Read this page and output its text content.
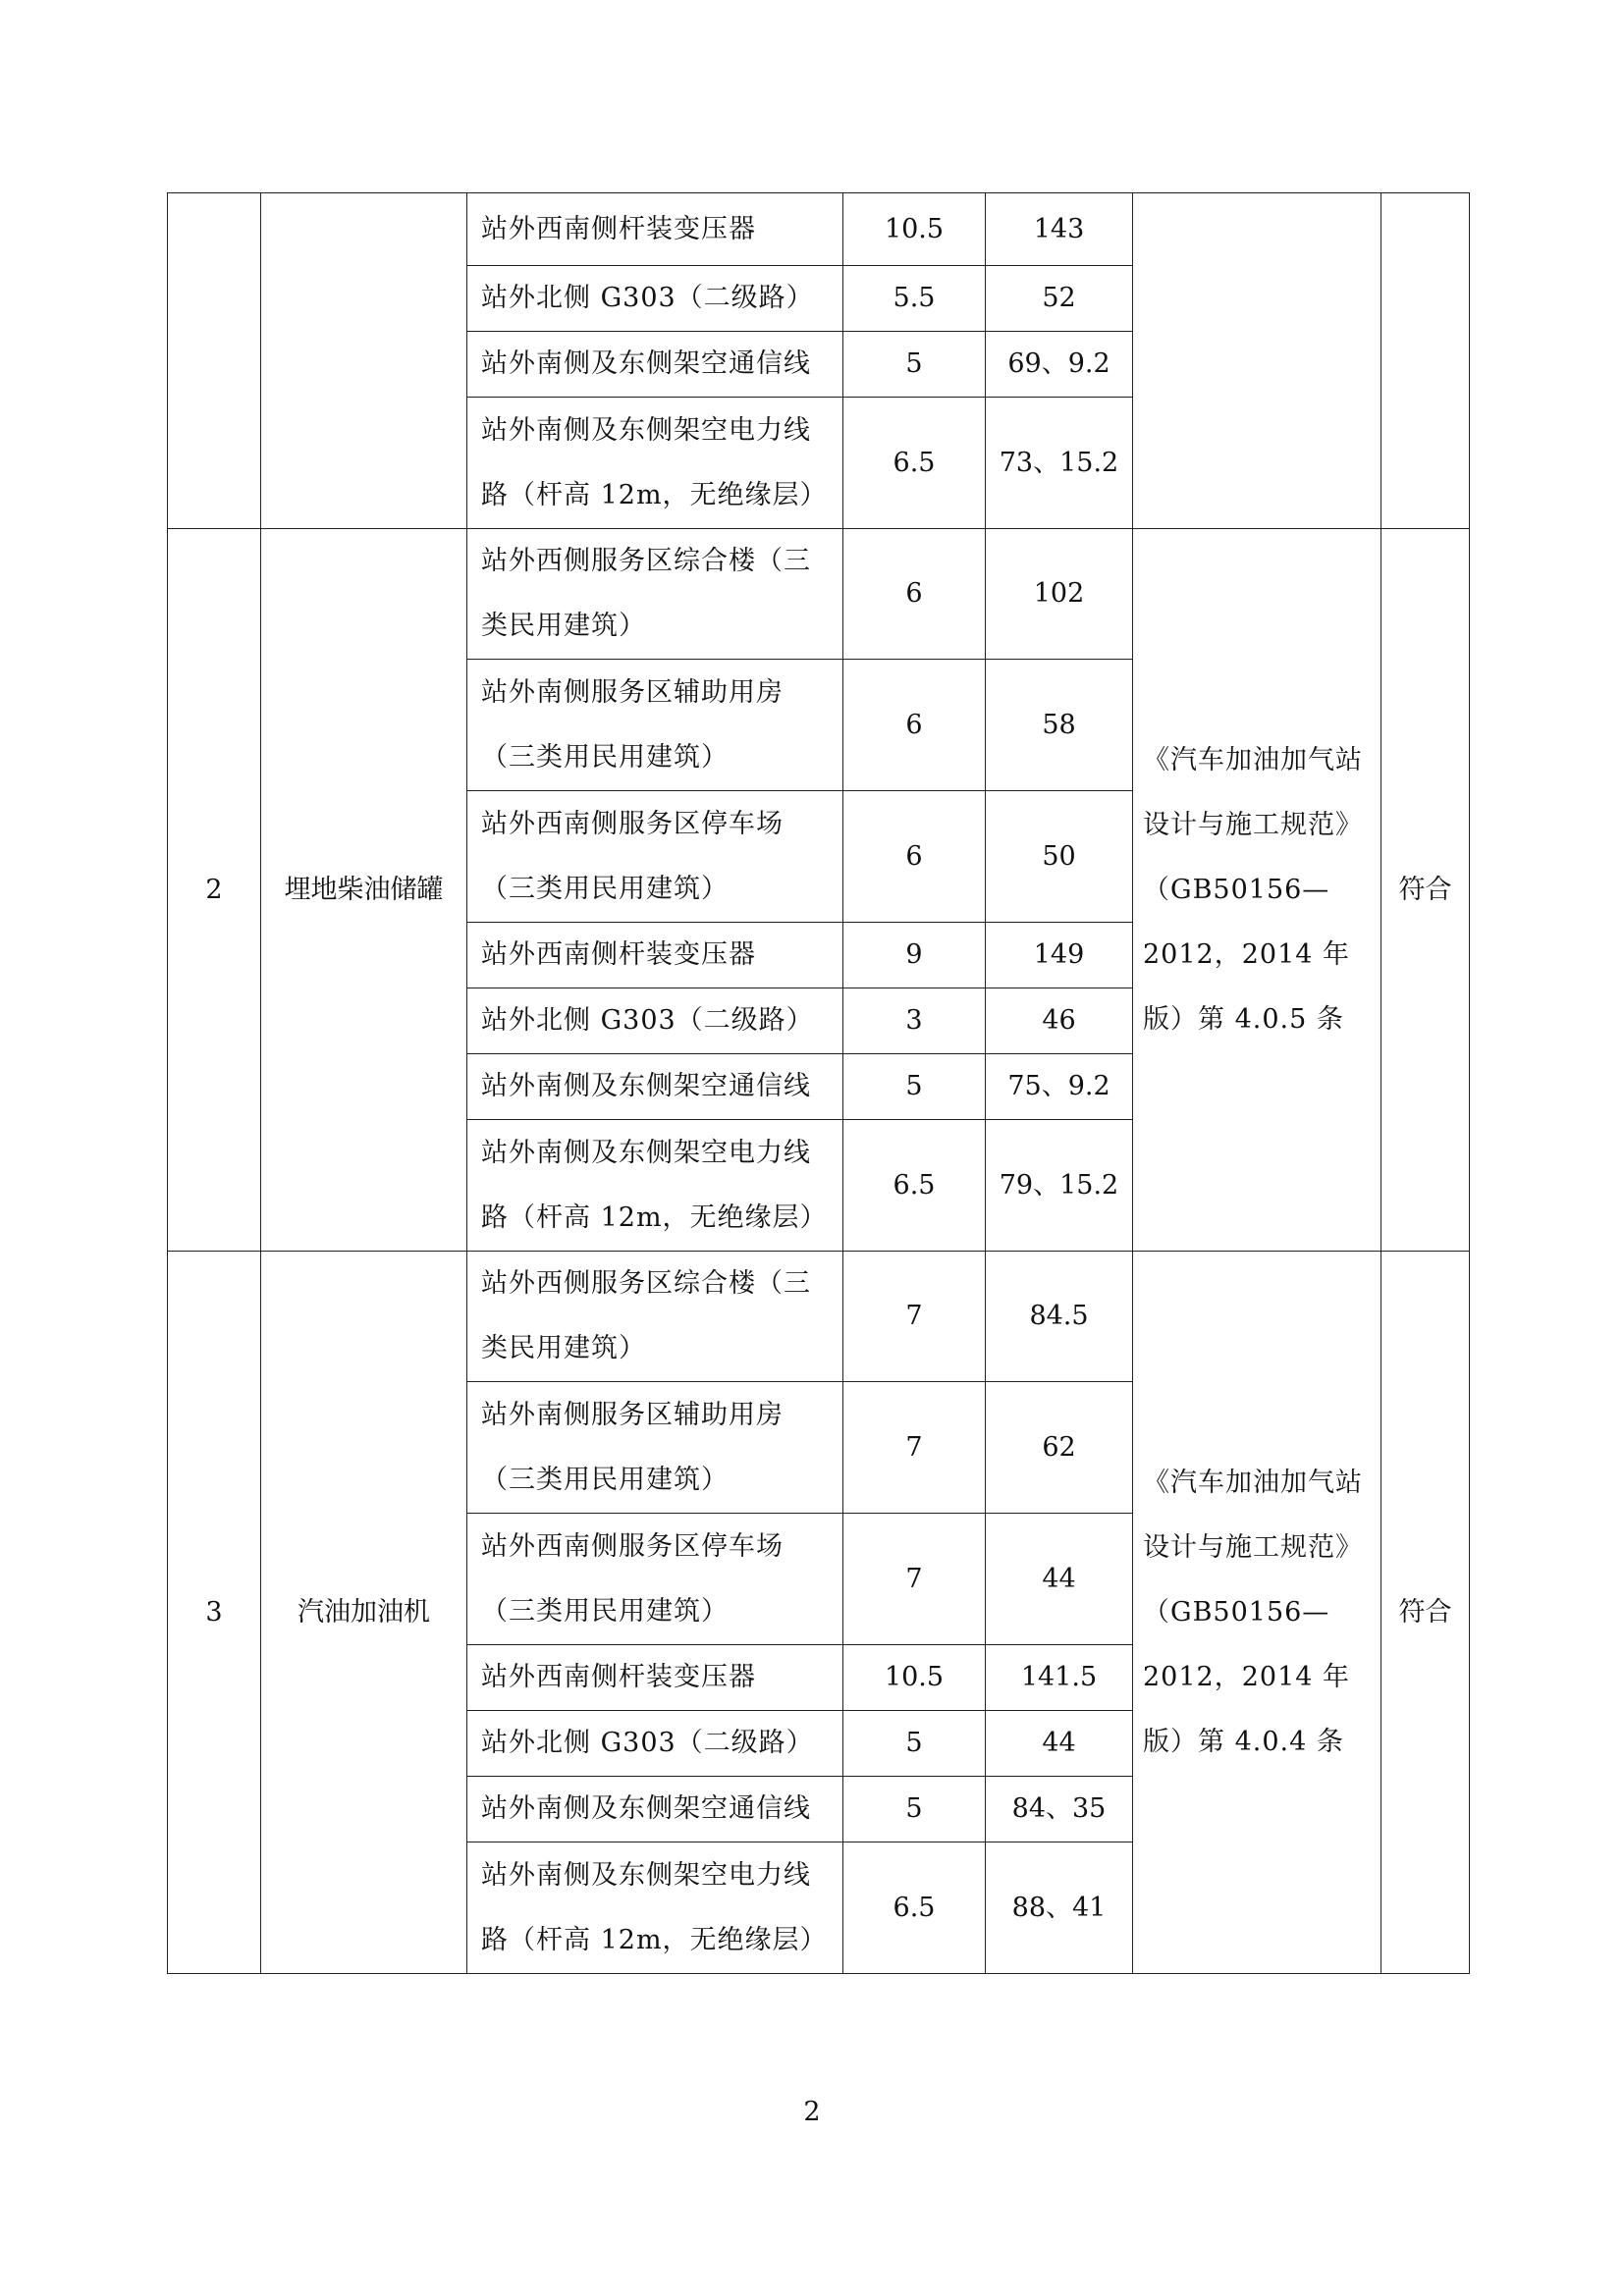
		站外西南侧杆装变压器	10.5	143		
		站外北侧 G303（二级路）	5.5	52		
		站外南侧及东侧架空通信线	5	69、9.2		
		站外南侧及东侧架空电力线路（杆高 12m，无绝缘层）	6.5	73、15.2		
2	埋地柴油储罐	站外西侧服务区综合楼（三类民用建筑）	6	102	《汽车加油加气站设计与施工规范》（GB50156—2012，2014 年版）第 4.0.5 条	符合
		站外南侧服务区辅助用房（三类用民用建筑）	6	58		
		站外西南侧服务区停车场（三类用民用建筑）	6	50		
		站外西南侧杆装变压器	9	149		
		站外北侧 G303（二级路）	3	46		
		站外南侧及东侧架空通信线	5	75、9.2		
		站外南侧及东侧架空电力线路（杆高 12m，无绝缘层）	6.5	79、15.2		
3	汽油加油机	站外西侧服务区综合楼（三类民用建筑）	7	84.5	《汽车加油加气站设计与施工规范》（GB50156—2012，2014 年版）第 4.0.4 条	符合
		站外南侧服务区辅助用房（三类用民用建筑）	7	62		
		站外西南侧服务区停车场（三类用民用建筑）	7	44		
		站外西南侧杆装变压器	10.5	141.5		
		站外北侧 G303（二级路）	5	44		
		站外南侧及东侧架空通信线	5	84、35		
		站外南侧及东侧架空电力线路（杆高 12m，无绝缘层）	6.5	88、41		
2
